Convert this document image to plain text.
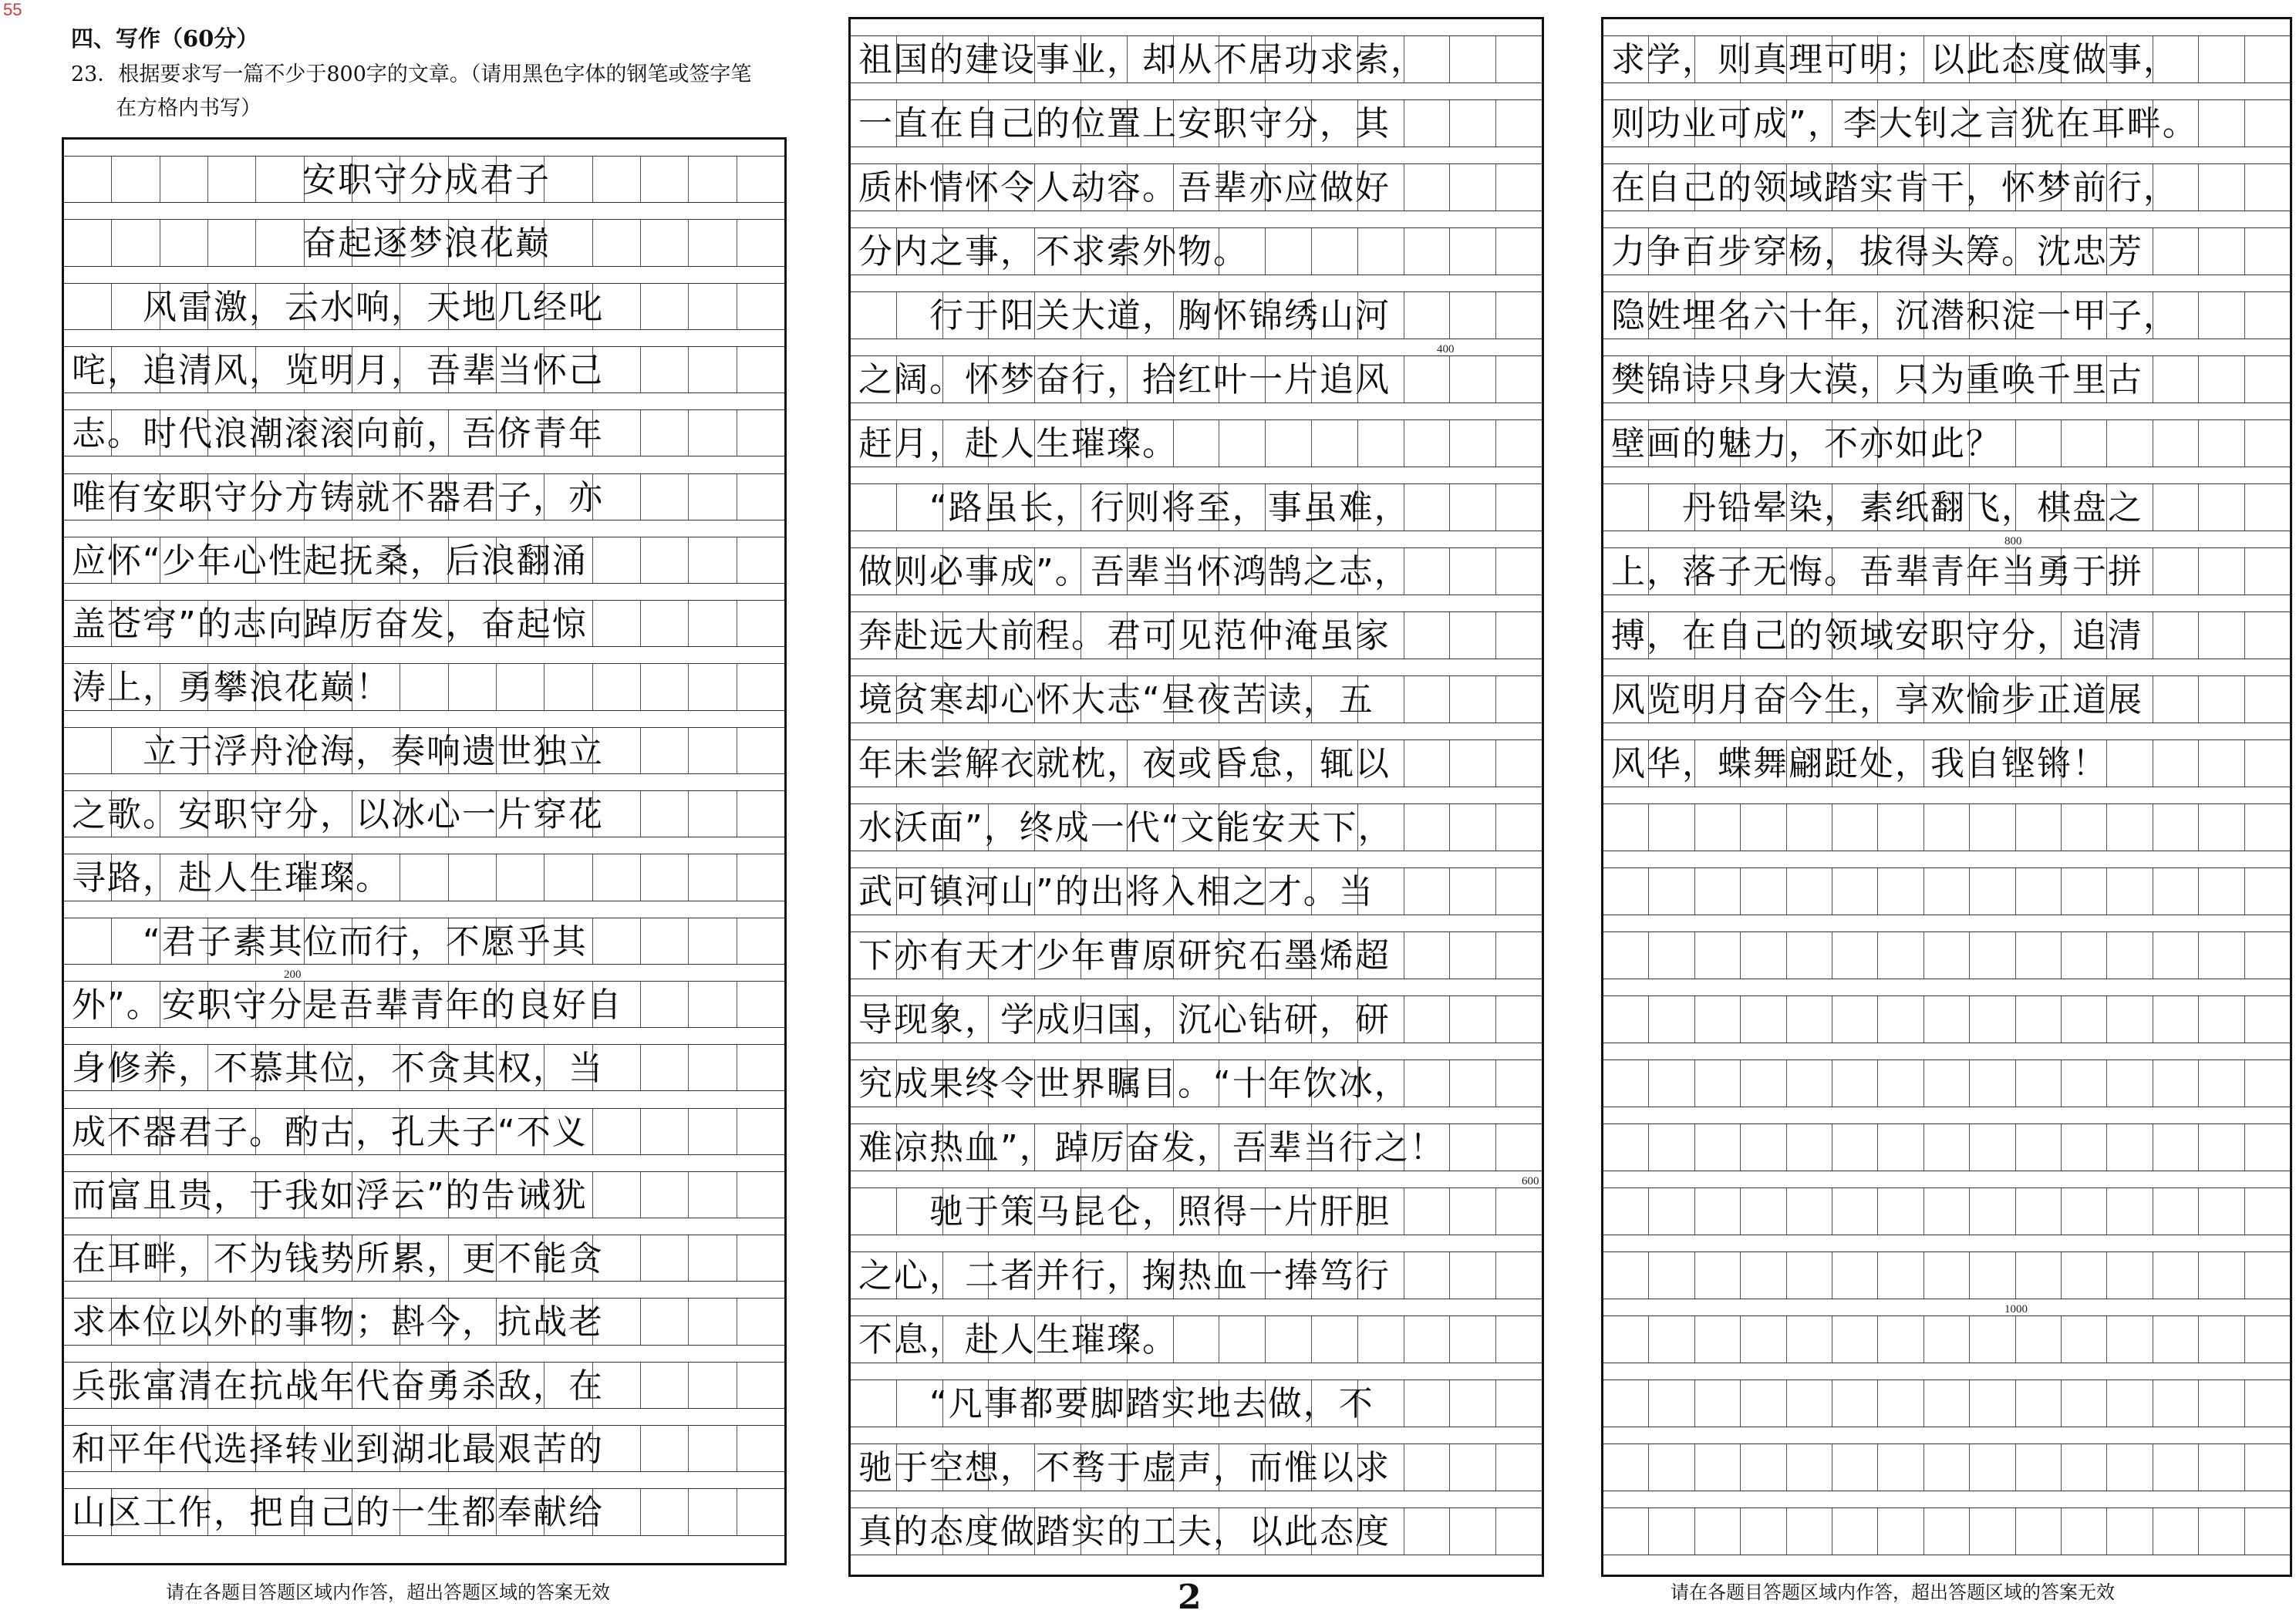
55
四、写作（60分）
23．根据要求写一篇不少于800字的文章。（请用黑色字体的钢笔或签字笔
在方格内书写）
安职守分成君子
奋起逐梦浪花巅
　　风雷激，云水响，天地几经叱
咤，追清风，览明月，吾辈当怀己
志。时代浪潮滚滚向前，吾侪青年
唯有安职守分方铸就不器君子，亦
应怀“少年心性起抚桑，后浪翻涌
盖苍穹”的志向踔厉奋发，奋起惊
涛上，勇攀浪花巅！
　　立于浮舟沧海，奏响遗世独立
之歌。安职守分，以冰心一片穿花
寻路，赴人生璀璨。
　　“君子素其位而行，不愿乎其
外”。安职守分是吾辈青年的良好自
身修养，不慕其位，不贪其权，当
成不器君子。酌古，孔夫子“不义
而富且贵，于我如浮云”的告诫犹
在耳畔，不为钱势所累，更不能贪
求本位以外的事物；斟今，抗战老
兵张富清在抗战年代奋勇杀敌，在
和平年代选择转业到湖北最艰苦的
山区工作，把自己的一生都奉献给
200
祖国的建设事业，却从不居功求索，
一直在自己的位置上安职守分，其
质朴情怀令人动容。吾辈亦应做好
分内之事，不求索外物。
　　行于阳关大道，胸怀锦绣山河
之阔。怀梦奋行，拾红叶一片追风
赶月，赴人生璀璨。
　　“路虽长，行则将至，事虽难，
做则必事成”。吾辈当怀鸿鹄之志，
奔赴远大前程。君可见范仲淹虽家
境贫寒却心怀大志“昼夜苦读，五
年未尝解衣就枕，夜或昏怠，辄以
水沃面”，终成一代“文能安天下，
武可镇河山”的出将入相之才。当
下亦有天才少年曹原研究石墨烯超
导现象，学成归国，沉心钻研，研
究成果终令世界瞩目。“十年饮冰，
难凉热血”，踔厉奋发，吾辈当行之！
　　驰于策马昆仑，照得一片肝胆
之心，二者并行，掬热血一捧笃行
不息，赴人生璀璨。
　　“凡事都要脚踏实地去做，不
驰于空想，不骛于虚声，而惟以求
真的态度做踏实的工夫，以此态度
400
600
求学，则真理可明；以此态度做事，
则功业可成”，李大钊之言犹在耳畔。
在自己的领域踏实肯干，怀梦前行，
力争百步穿杨，拔得头筹。沈忠芳
隐姓埋名六十年，沉潜积淀一甲子，
樊锦诗只身大漠，只为重唤千里古
壁画的魅力，不亦如此？
　　丹铅晕染，素纸翻飞，棋盘之
上，落子无悔。吾辈青年当勇于拼
搏，在自己的领域安职守分，追清
风览明月奋今生，享欢愉步正道展
风华，蝶舞翩跹处，我自铿锵！
800
1000
请在各题目答题区域内作答，超出答题区域的答案无效	2	请在各题目答题区域内作答，超出答题区域的答案无效
